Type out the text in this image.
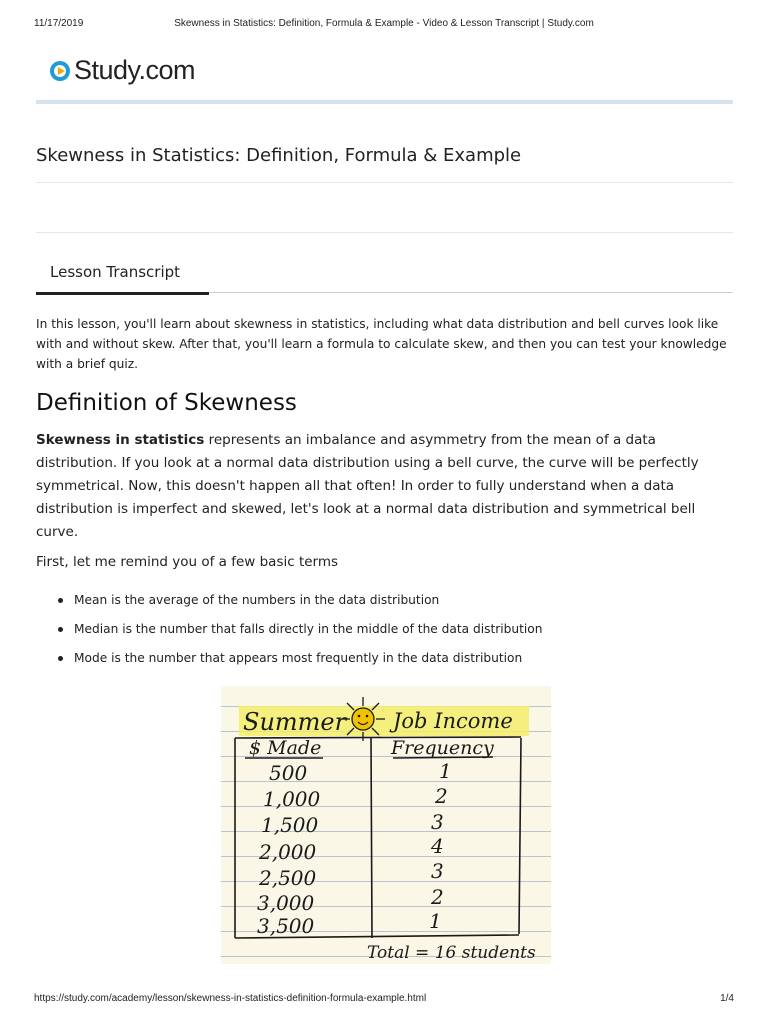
11/17/2019	Skewness in Statistics: Definition, Formula & Example - Video & Lesson Transcript | Study.com
Study.com
Skewness in Statistics: Definition, Formula & Example
Lesson Transcript

In this lesson, you'll learn about skewness in statistics, including what data distribution and bell curves look like with and without skew. After that, you'll learn a formula to calculate skew, and then you can test your knowledge with a brief quiz.

Definition of Skewness

Skewness in statistics represents an imbalance and asymmetry from the mean of a data distribution. If you look at a normal data distribution using a bell curve, the curve will be perfectly symmetrical. Now, this doesn't happen all that often! In order to fully understand when a data distribution is imperfect and skewed, let's look at a normal data distribution and symmetrical bell curve.

First, let me remind you of a few basic terms

Mean is the average of the numbers in the data distribution
Median is the number that falls directly in the middle of the data distribution
Mode is the number that appears most frequently in the data distribution
Summer Job Income
$ Made	Frequency
500	1
1,000	2
1,500	3
2,000	4
2,500	3
3,000	2
3,500	1
Total = 16 students
https://study.com/academy/lesson/skewness-in-statistics-definition-formula-example.html	1/4
